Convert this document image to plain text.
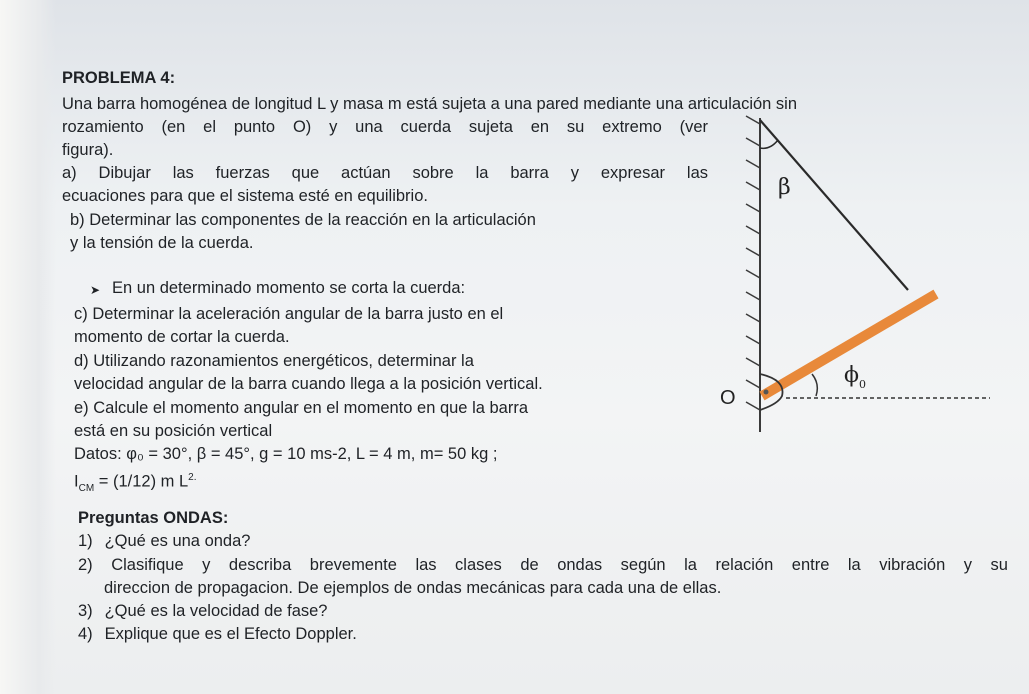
PROBLEMA 4:

Una barra homogénea de longitud L y masa m está sujeta a una pared mediante una articulación sin

rozamiento (en el punto O) y una cuerda sujeta en su extremo (ver

figura).

a) Dibujar las fuerzas que actúan sobre la barra y expresar las

ecuaciones para que el sistema esté en equilibrio.

b) Determinar las componentes de la reacción en la articulación

y la tensión de la cuerda.

➤ En un determinado momento se corta la cuerda:

c) Determinar la aceleración angular de la barra justo en el

momento de cortar la cuerda.

d) Utilizando razonamientos energéticos, determinar la

velocidad angular de la barra cuando llega a la posición vertical.

e) Calcule el momento angular en el momento en que la barra

está en su posición vertical

Datos: φ₀ = 30°, β = 45°, g = 10 ms-2, L = 4 m, m= 50 kg ;

$I_{CM} = (1/12)$ m $L^{2.}$

β
$\phi_0$
O

Preguntas ONDAS:

1) ¿Qué es una onda?

2) Clasifique y describa brevemente las clases de ondas según la relación entre la vibración y su

direccion de propagacion. De ejemplos de ondas mecánicas para cada una de ellas.

3) ¿Qué es la velocidad de fase?

4) Explique que es el Efecto Doppler.
